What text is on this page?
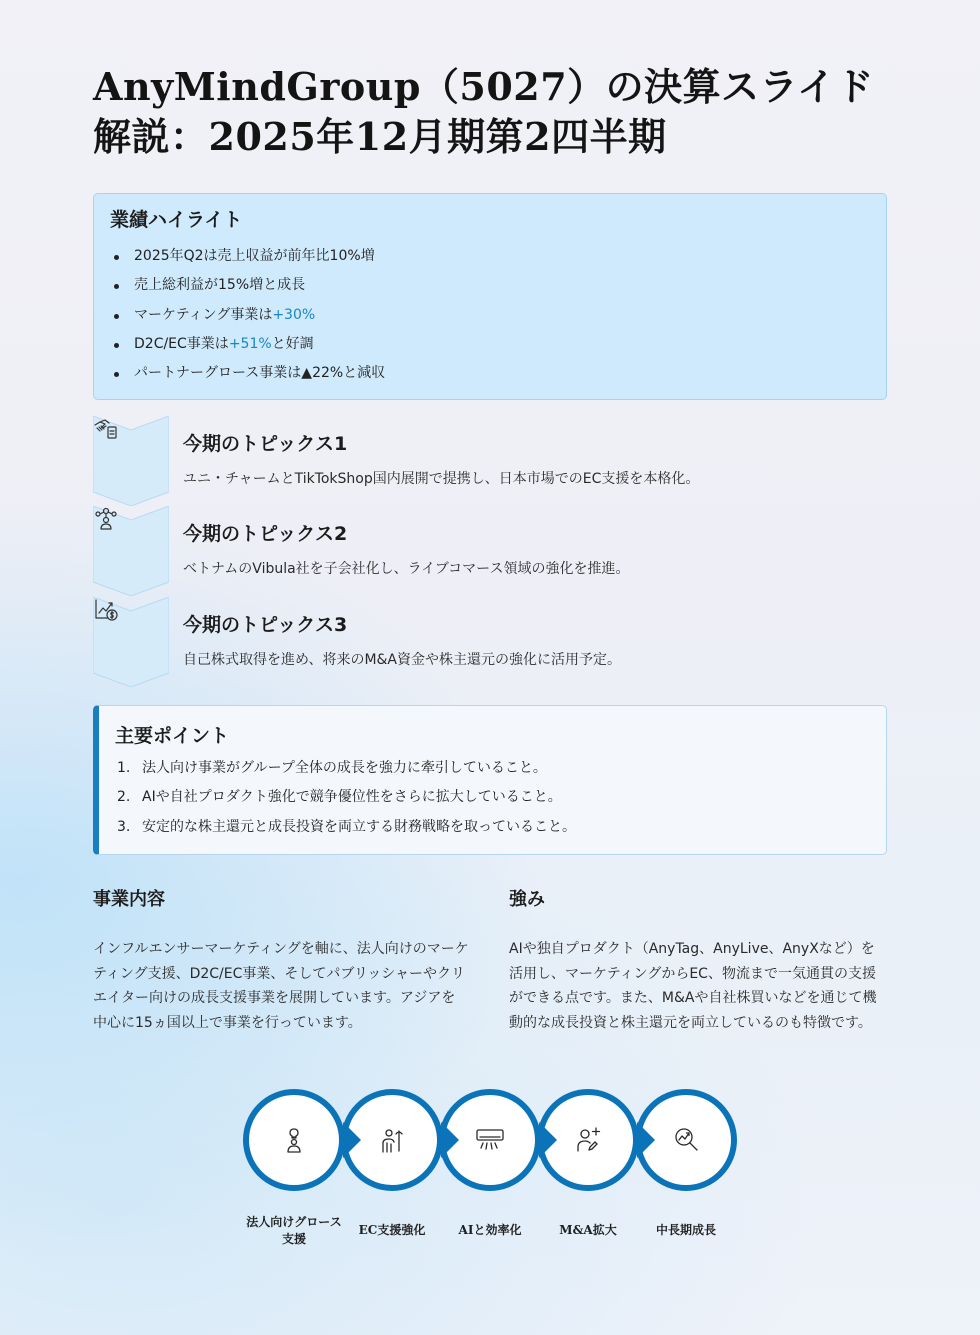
AnyMindGroup（5027）の決算スライド解説：2025年12月期第2四半期
業績ハイライト
2025年Q2は売上収益が前年比10%増
売上総利益が15%増と成長
マーケティング事業は+30%
D2C/EC事業は+51%と好調
パートナーグロース事業は▲22%と減収
今期のトピックス1

ユニ・チャームとTikTokShop国内展開で提携し、日本市場でのEC支援を本格化。

今期のトピックス2

ベトナムのVibula社を子会社化し、ライブコマース領域の強化を推進。

今期のトピックス3

自己株式取得を進め、将来のM&A資金や株主還元の強化に活用予定。

主要ポイント
1. 法人向け事業がグループ全体の成長を強力に牽引していること。
2. AIや自社プロダクト強化で競争優位性をさらに拡大していること。
3. 安定的な株主還元と成長投資を両立する財務戦略を取っていること。
事業内容

インフルエンサーマーケティングを軸に、法人向けのマーケティング支援、D2C/EC事業、そしてパブリッシャーやクリエイター向けの成長支援事業を展開しています。アジアを中心に15ヵ国以上で事業を行っています。

強み

AIや独自プロダクト（AnyTag、AnyLive、AnyXなど）を活用し、マーケティングからEC、物流まで一気通貫の支援ができる点です。また、M&Aや自社株買いなどを通じて機動的な成長投資と株主還元を両立しているのも特徴です。

法人向けグロース支援
EC支援強化	AIと効率化	M&A拡大	中長期成長
